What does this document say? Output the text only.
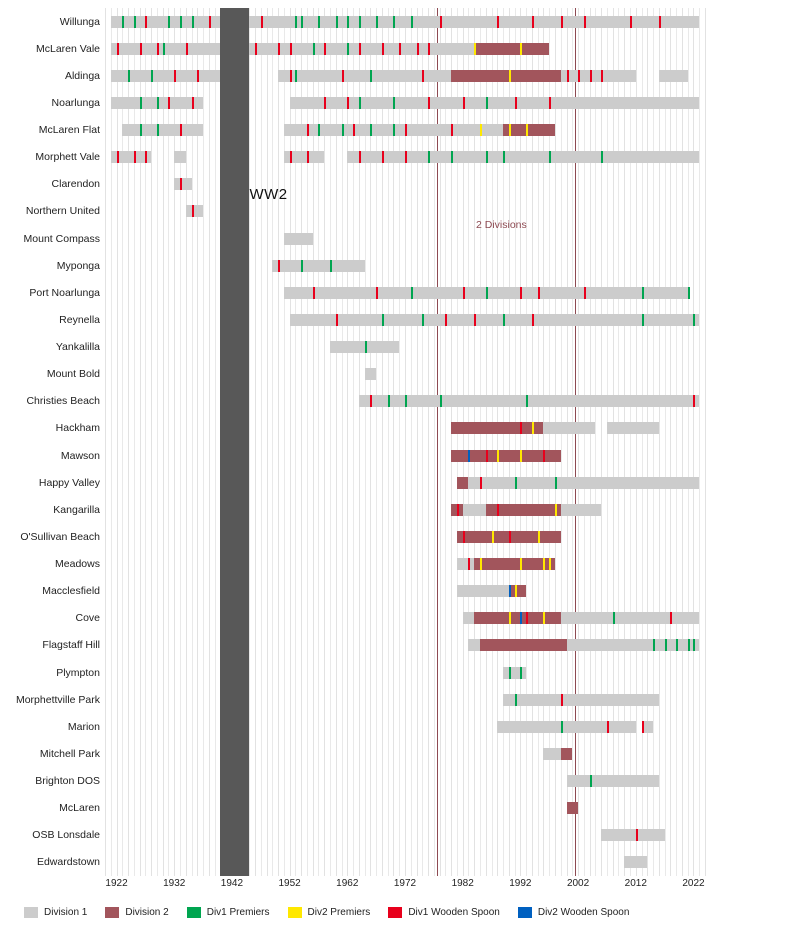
Willunga
McLaren Vale
Aldinga
Noarlunga
McLaren Flat
Morphett Vale
Clarendon
Northern United
Mount Compass
Myponga
Port Noarlunga
Reynella
Yankalilla
Mount Bold
Christies Beach
Hackham
Mawson
Happy Valley
Kangarilla
O'Sullivan Beach
Meadows
Macclesfield
Cove
Flagstaff Hill
Plympton
Morphettville Park
Marion
Mitchell Park
Brighton DOS
McLaren
OSB Lonsdale
Edwardstown
WW2
2 Divisions
1922	1932	1942	1952	1962	1972	1982	1992	2002	2012	2022
Division 1	Division 2	Div1 Premiers	Div2 Premiers	Div1 Wooden Spoon	Div2 Wooden Spoon
